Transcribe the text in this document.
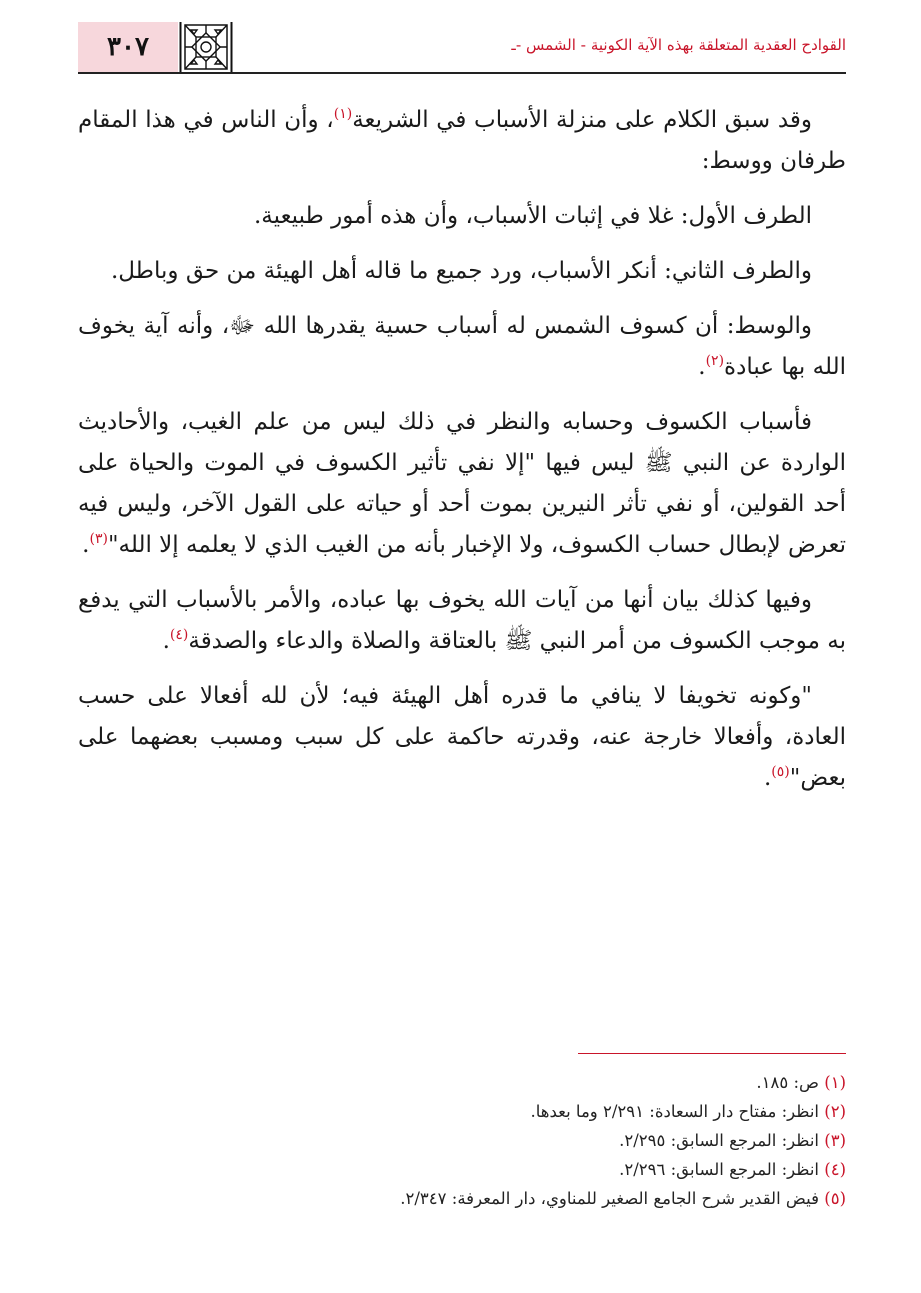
٣٠٧	القوادح العقدية المتعلقة بهذه الآية الكونية - الشمس -ـ

وقد سبق الكلام على منزلة الأسباب في الشريعة$^{(١)}$، وأن الناس في هذا المقام طرفان ووسط:

الطرف الأول: غلا في إثبات الأسباب، وأن هذه أمور طبيعية.

والطرف الثاني: أنكر الأسباب، ورد جميع ما قاله أهل الهيئة من حق وباطل.

والوسط: أن كسوف الشمس له أسباب حسية يقدرها الله ﷻ، وأنه آية يخوف الله بها عبادة$^{(٢)}$.

فأسباب الكسوف وحسابه والنظر في ذلك ليس من علم الغيب، والأحاديث الواردة عن النبي ﷺ ليس فيها "إلا نفي تأثير الكسوف في الموت والحياة على أحد القولين، أو نفي تأثر النيرين بموت أحد أو حياته على القول الآخر، وليس فيه تعرض لإبطال حساب الكسوف، ولا الإخبار بأنه من الغيب الذي لا يعلمه إلا الله"$^{(٣)}$.

وفيها كذلك بيان أنها من آيات الله يخوف بها عباده، والأمر بالأسباب التي يدفع به موجب الكسوف من أمر النبي ﷺ بالعتاقة والصلاة والدعاء والصدقة$^{(٤)}$.

"وكونه تخويفا لا ينافي ما قدره أهل الهيئة فيه؛ لأن لله أفعالا على حسب العادة، وأفعالا خارجة عنه، وقدرته حاكمة على كل سبب ومسبب بعضهما على بعض"$^{(٥)}$.

(١) ص: ١٨٥.
(٢) انظر: مفتاح دار السعادة: ٢/٢٩١ وما بعدها.
(٣) انظر: المرجع السابق: ٢/٢٩٥.
(٤) انظر: المرجع السابق: ٢/٢٩٦.
(٥) فيض القدير شرح الجامع الصغير للمناوي، دار المعرفة: ٢/٣٤٧.
